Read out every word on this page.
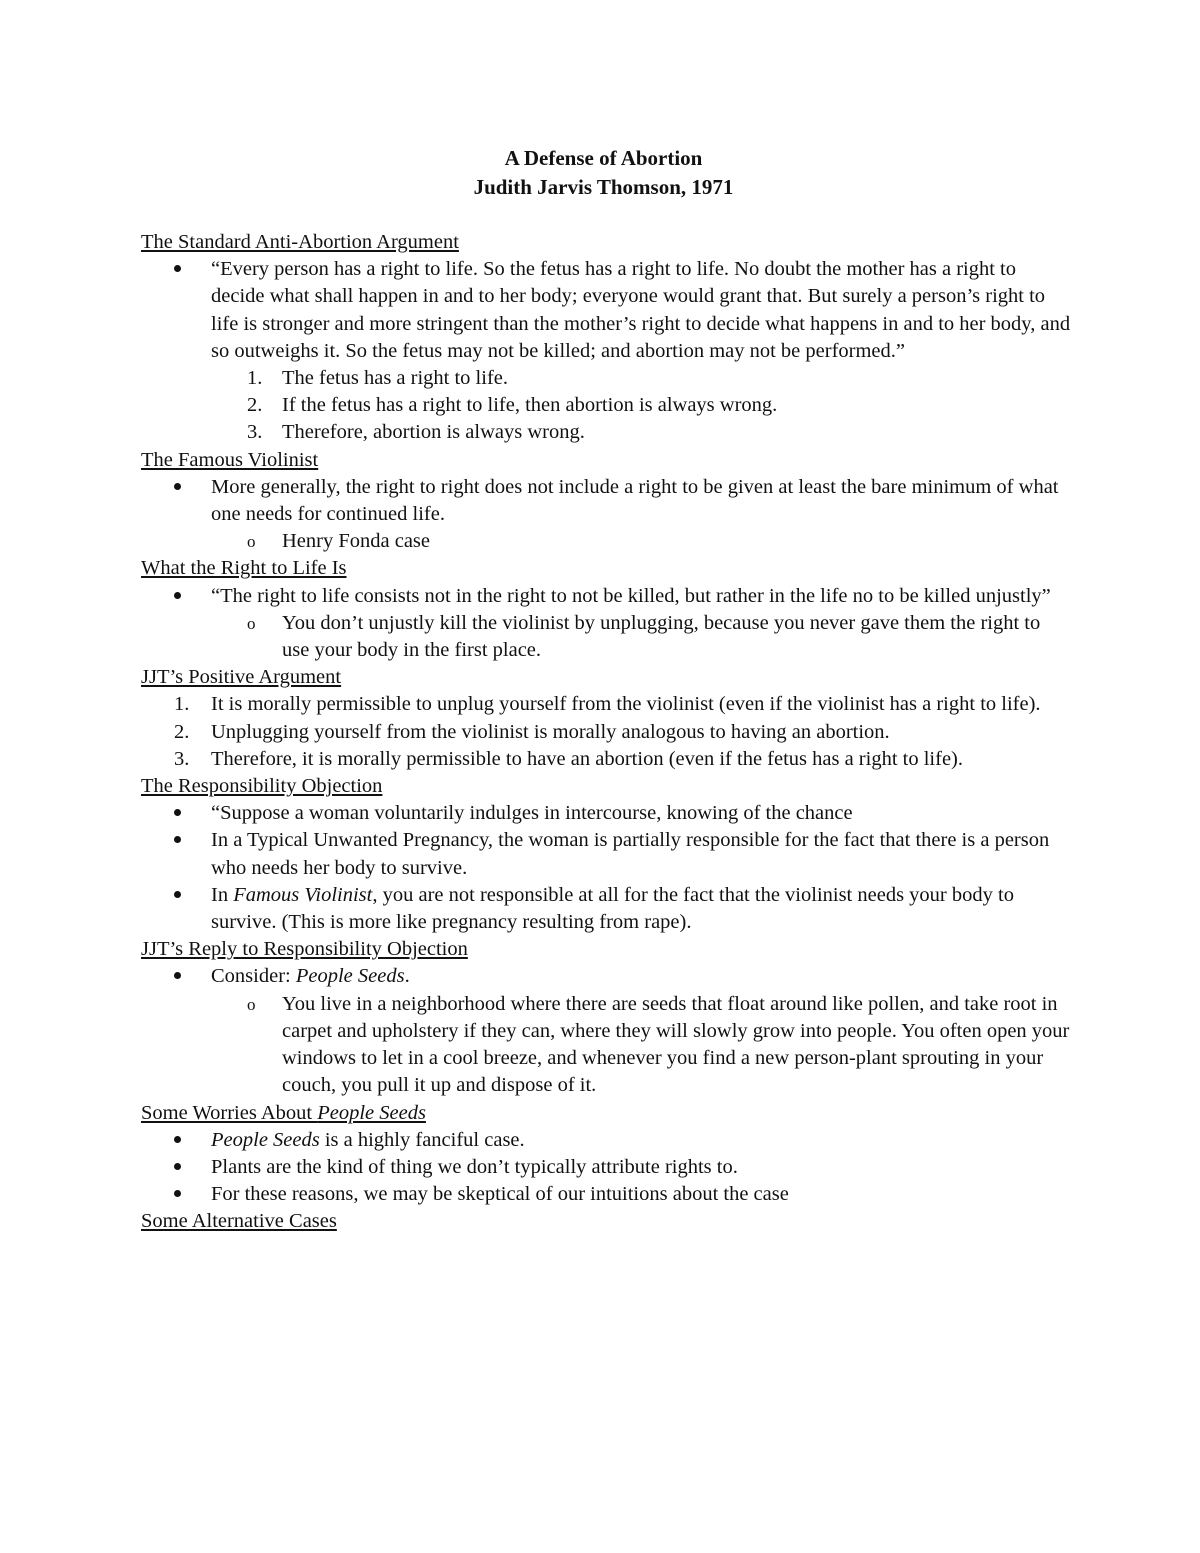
A Defense of Abortion
Judith Jarvis Thomson, 1971
The Standard Anti-Abortion Argument
“Every person has a right to life. So the fetus has a right to life. No doubt the mother has a right to decide what shall happen in and to her body; everyone would grant that. But surely a person’s right to life is stronger and more stringent than the mother’s right to decide what happens in and to her body, and so outweighs it. So the fetus may not be killed; and abortion may not be performed.”
1. The fetus has a right to life.
2. If the fetus has a right to life, then abortion is always wrong.
3. Therefore, abortion is always wrong.
The Famous Violinist
More generally, the right to right does not include a right to be given at least the bare minimum of what one needs for continued life.
o Henry Fonda case
What the Right to Life Is
“The right to life consists not in the right to not be killed, but rather in the life no to be killed unjustly”
o You don’t unjustly kill the violinist by unplugging, because you never gave them the right to use your body in the first place.
JJT’s Positive Argument
1. It is morally permissible to unplug yourself from the violinist (even if the violinist has a right to life).
2. Unplugging yourself from the violinist is morally analogous to having an abortion.
3. Therefore, it is morally permissible to have an abortion (even if the fetus has a right to life).
The Responsibility Objection
“Suppose a woman voluntarily indulges in intercourse, knowing of the chance
In a Typical Unwanted Pregnancy, the woman is partially responsible for the fact that there is a person who needs her body to survive.
In Famous Violinist, you are not responsible at all for the fact that the violinist needs your body to survive. (This is more like pregnancy resulting from rape).
JJT’s Reply to Responsibility Objection
Consider: People Seeds.
o You live in a neighborhood where there are seeds that float around like pollen, and take root in carpet and upholstery if they can, where they will slowly grow into people. You often open your windows to let in a cool breeze, and whenever you find a new person-plant sprouting in your couch, you pull it up and dispose of it.
Some Worries About People Seeds
People Seeds is a highly fanciful case.
Plants are the kind of thing we don’t typically attribute rights to.
For these reasons, we may be skeptical of our intuitions about the case
Some Alternative Cases
